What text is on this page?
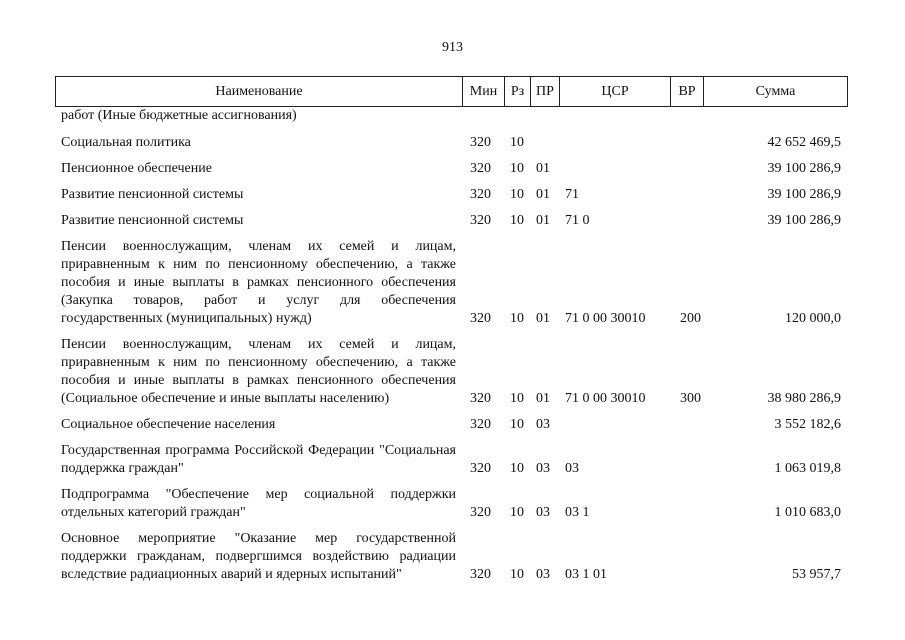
913
Наименование	Мин	Рз	ПР	ЦСР	ВР	Сумма
работ (Иные бюджетные ассигнования)
Социальная политика	320	10				42 652 469,5
Пенсионное обеспечение	320	10	01			39 100 286,9
Развитие пенсионной системы	320	10	01	71		39 100 286,9
Развитие пенсионной системы	320	10	01	71 0		39 100 286,9
Пенсии военнослужащим, членам их семей и лицам, приравненным к ним по пенсионному обеспечению, а также пособия и иные выплаты в рамках пенсионного обеспечения (Закупка товаров, работ и услуг для обеспечения государственных (муниципальных) нужд)	320	10	01	71 0 00 30010	200	120 000,0
Пенсии военнослужащим, членам их семей и лицам, приравненным к ним по пенсионному обеспечению, а также пособия и иные выплаты в рамках пенсионного обеспечения (Социальное обеспечение и иные выплаты населению)	320	10	01	71 0 00 30010	300	38 980 286,9
Социальное обеспечение населения	320	10	03			3 552 182,6
Государственная программа Российской Федерации "Социальная поддержка граждан"	320	10	03	03		1 063 019,8
Подпрограмма "Обеспечение мер социальной поддержки отдельных категорий граждан"	320	10	03	03 1		1 010 683,0
Основное мероприятие "Оказание мер государственной поддержки гражданам, подвергшимся воздействию радиации вследствие радиационных аварий и ядерных испытаний"	320	10	03	03 1 01		53 957,7
